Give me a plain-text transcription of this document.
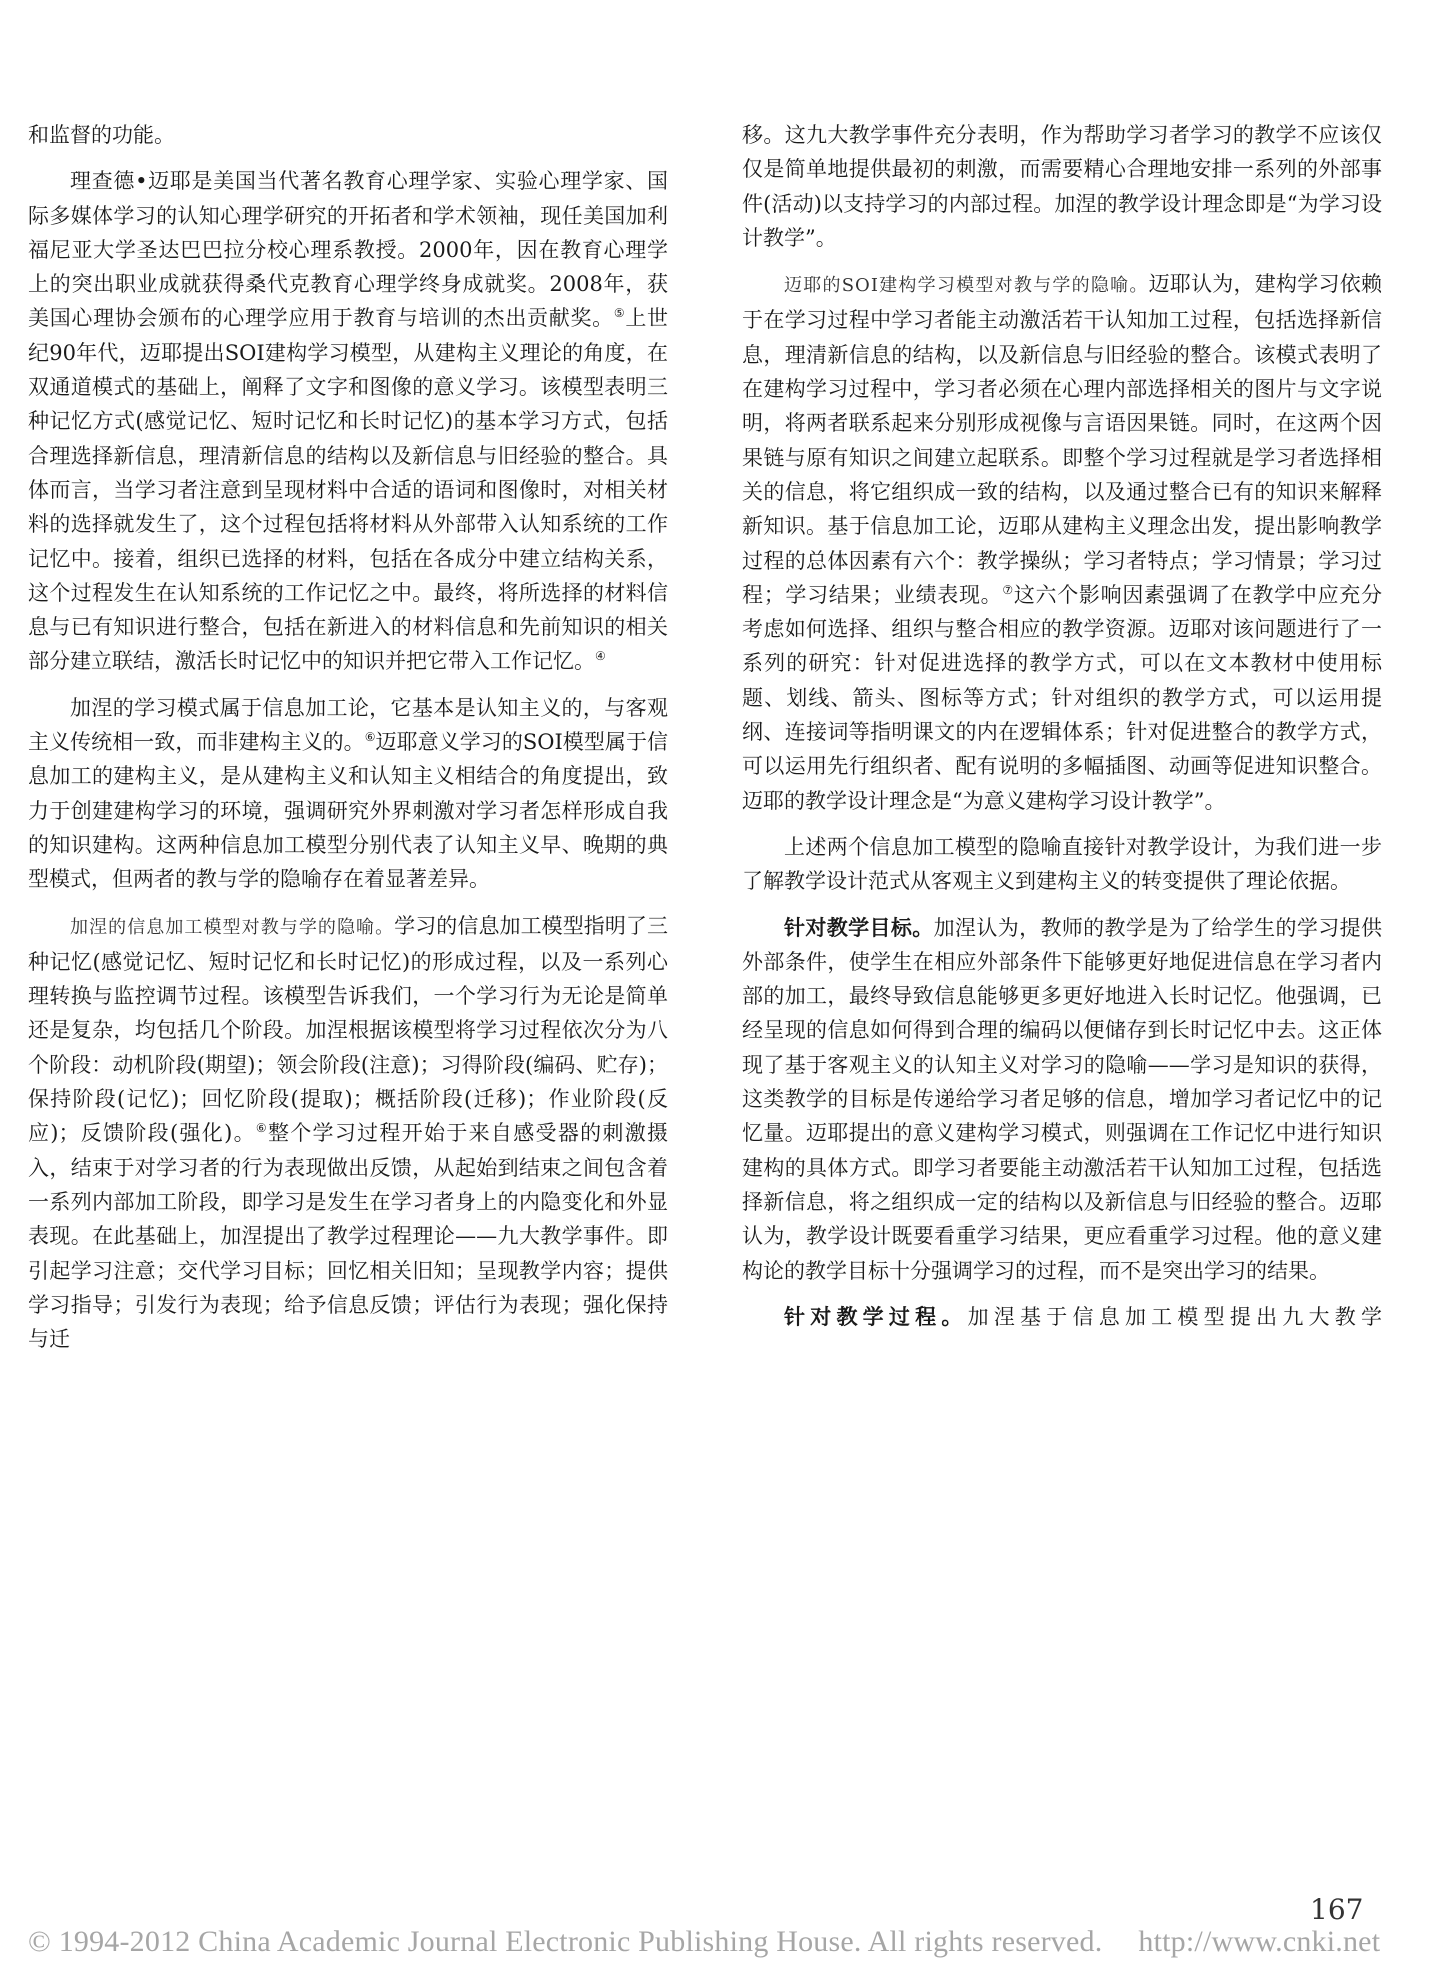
和监督的功能。

理查德•迈耶是美国当代著名教育心理学家、实验心理学家、国际多媒体学习的认知心理学研究的开拓者和学术领袖，现任美国加利福尼亚大学圣达巴巴拉分校心理系教授。2000年，因在教育心理学上的突出职业成就获得桑代克教育心理学终身成就奖。2008年，获美国心理协会颁布的心理学应用于教育与培训的杰出贡献奖。⑤上世纪90年代，迈耶提出SOI建构学习模型，从建构主义理论的角度，在双通道模式的基础上，阐释了文字和图像的意义学习。该模型表明三种记忆方式(感觉记忆、短时记忆和长时记忆)的基本学习方式，包括合理选择新信息，理清新信息的结构以及新信息与旧经验的整合。具体而言，当学习者注意到呈现材料中合适的语词和图像时，对相关材料的选择就发生了，这个过程包括将材料从外部带入认知系统的工作记忆中。接着，组织已选择的材料，包括在各成分中建立结构关系，这个过程发生在认知系统的工作记忆之中。最终，将所选择的材料信息与已有知识进行整合，包括在新进入的材料信息和先前知识的相关部分建立联结，激活长时记忆中的知识并把它带入工作记忆。④

加涅的学习模式属于信息加工论，它基本是认知主义的，与客观主义传统相一致，而非建构主义的。⑥迈耶意义学习的SOI模型属于信息加工的建构主义，是从建构主义和认知主义相结合的角度提出，致力于创建建构学习的环境，强调研究外界刺激对学习者怎样形成自我的知识建构。这两种信息加工模型分别代表了认知主义早、晚期的典型模式，但两者的教与学的隐喻存在着显著差异。

加涅的信息加工模型对教与学的隐喻。学习的信息加工模型指明了三种记忆(感觉记忆、短时记忆和长时记忆)的形成过程，以及一系列心理转换与监控调节过程。该模型告诉我们，一个学习行为无论是简单还是复杂，均包括几个阶段。加涅根据该模型将学习过程依次分为八个阶段：动机阶段(期望)；领会阶段(注意)；习得阶段(编码、贮存)；保持阶段(记忆)；回忆阶段(提取)；概括阶段(迁移)；作业阶段(反应)；反馈阶段(强化)。⑥整个学习过程开始于来自感受器的刺激摄入，结束于对学习者的行为表现做出反馈，从起始到结束之间包含着一系列内部加工阶段，即学习是发生在学习者身上的内隐变化和外显表现。在此基础上，加涅提出了教学过程理论——九大教学事件。即引起学习注意；交代学习目标；回忆相关旧知；呈现教学内容；提供学习指导；引发行为表现；给予信息反馈；评估行为表现；强化保持与迁

移。这九大教学事件充分表明，作为帮助学习者学习的教学不应该仅仅是简单地提供最初的刺激，而需要精心合理地安排一系列的外部事件(活动)以支持学习的内部过程。加涅的教学设计理念即是“为学习设计教学”。

迈耶的SOI建构学习模型对教与学的隐喻。迈耶认为，建构学习依赖于在学习过程中学习者能主动激活若干认知加工过程，包括选择新信息，理清新信息的结构，以及新信息与旧经验的整合。该模式表明了在建构学习过程中，学习者必须在心理内部选择相关的图片与文字说明，将两者联系起来分别形成视像与言语因果链。同时，在这两个因果链与原有知识之间建立起联系。即整个学习过程就是学习者选择相关的信息，将它组织成一致的结构，以及通过整合已有的知识来解释新知识。基于信息加工论，迈耶从建构主义理念出发，提出影响教学过程的总体因素有六个：教学操纵；学习者特点；学习情景；学习过程；学习结果；业绩表现。⑦这六个影响因素强调了在教学中应充分考虑如何选择、组织与整合相应的教学资源。迈耶对该问题进行了一系列的研究：针对促进选择的教学方式，可以在文本教材中使用标题、划线、箭头、图标等方式；针对组织的教学方式，可以运用提纲、连接词等指明课文的内在逻辑体系；针对促进整合的教学方式，可以运用先行组织者、配有说明的多幅插图、动画等促进知识整合。迈耶的教学设计理念是“为意义建构学习设计教学”。

上述两个信息加工模型的隐喻直接针对教学设计，为我们进一步了解教学设计范式从客观主义到建构主义的转变提供了理论依据。

针对教学目标。加涅认为，教师的教学是为了给学生的学习提供外部条件，使学生在相应外部条件下能够更好地促进信息在学习者内部的加工，最终导致信息能够更多更好地进入长时记忆。他强调，已经呈现的信息如何得到合理的编码以便储存到长时记忆中去。这正体现了基于客观主义的认知主义对学习的隐喻——学习是知识的获得，这类教学的目标是传递给学习者足够的信息，增加学习者记忆中的记忆量。迈耶提出的意义建构学习模式，则强调在工作记忆中进行知识建构的具体方式。即学习者要能主动激活若干认知加工过程，包括选择新信息，将之组织成一定的结构以及新信息与旧经验的整合。迈耶认为，教学设计既要看重学习结果，更应看重学习过程。他的意义建构论的教学目标十分强调学习的过程，而不是突出学习的结果。

针对教学过程。加涅基于信息加工模型提出九大教学

167
© 1994-2012 China Academic Journal Electronic Publishing House. All rights reserved. http://www.cnki.net
